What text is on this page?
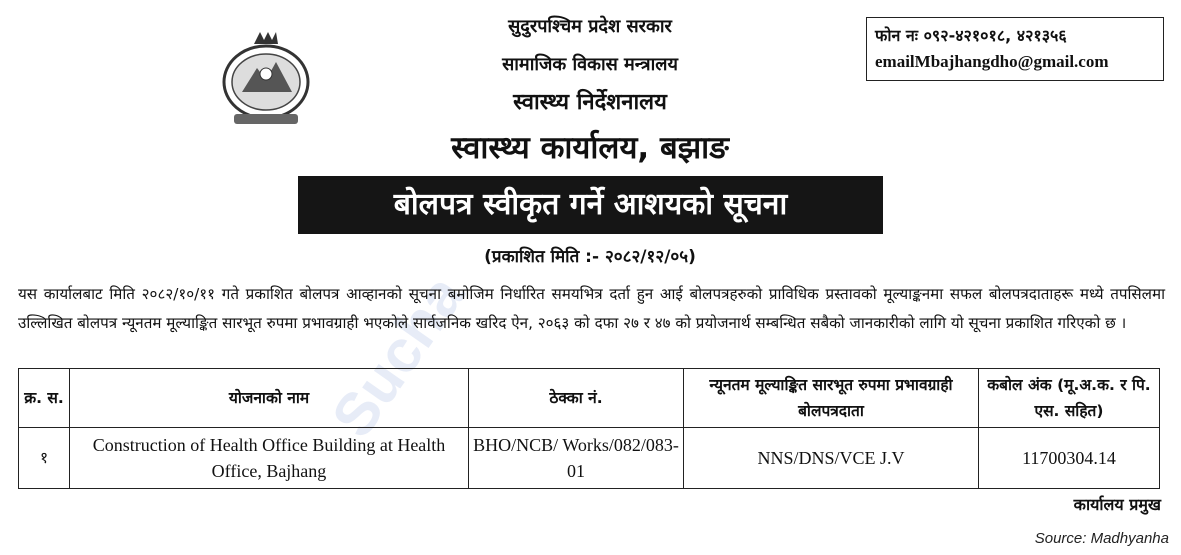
Sucha
सुदुरपश्चिम प्रदेश सरकार
सामाजिक विकास मन्त्रालय
स्वास्थ्य निर्देशनालय
स्वास्थ्य कार्यालय, बझाङ
फोन नः ०९२-४२१०१८, ४२१३५६
emailMbajhangdho@gmail.com
बोलपत्र स्वीकृत गर्ने आशयको सूचना
(प्रकाशित मिति :- २०८२/१२/०५)
यस कार्यालबाट मिति २०८२/१०/११ गते प्रकाशित बोलपत्र आव्हानको सूचना बमोजिम निर्धारित समयभित्र दर्ता हुन आई बोलपत्रहरुको प्राविधिक प्रस्तावको मूल्याङ्कनमा सफल बोलपत्रदाताहरू मध्ये तपसिलमा उल्लिखित बोलपत्र न्यूनतम मूल्याङ्कित सारभूत रुपमा प्रभावग्राही भएकोले सार्वजनिक खरिद ऐन, २०६३ को दफा २७ र ४७ को प्रयोजनार्थ सम्बन्धित सबैको जानकारीको लागि यो सूचना प्रकाशित गरिएको छ ।
क्र. स.	योजनाको नाम	ठेक्का नं.	न्यूनतम मूल्याङ्कित सारभूत रुपमा प्रभावग्राही बोलपत्रदाता	कबोल अंक (मू.अ.क. र पि. एस. सहित)
१	Construction of Health Office Building at Health Office, Bajhang	BHO/NCB/ Works/082/083-01	NNS/DNS/VCE J.V	11700304.14
कार्यालय प्रमुख
Source: Madhyanha
